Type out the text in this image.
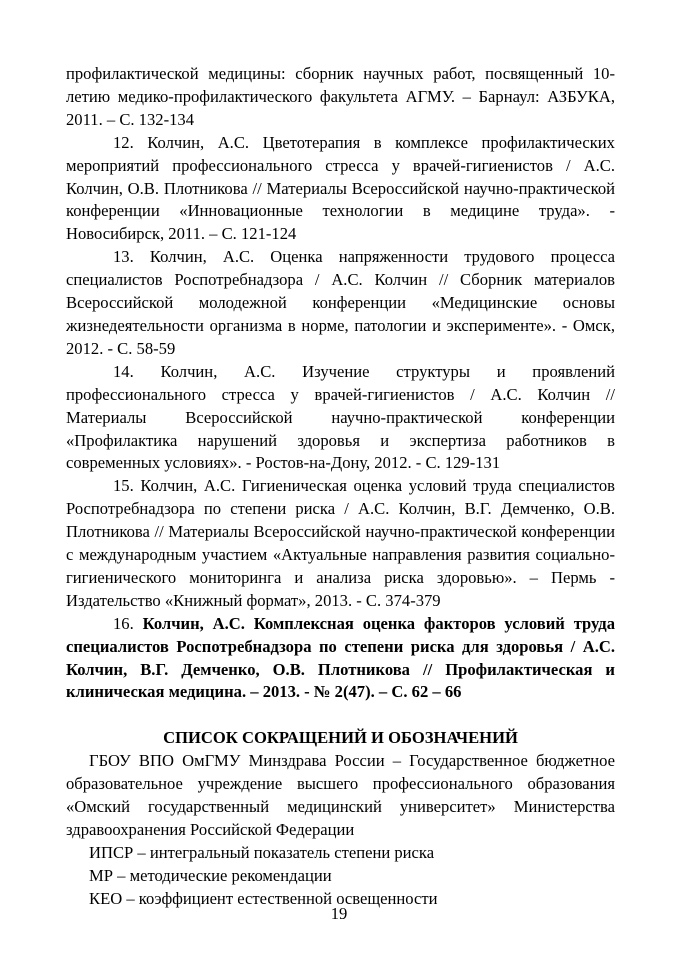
профилактической медицины: сборник научных работ, посвященный 10-летию медико-профилактического факультета АГМУ. – Барнаул: АЗБУКА, 2011. – С. 132-134

12. Колчин, А.С. Цветотерапия в комплексе профилактических мероприятий профессионального стресса у врачей-гигиенистов / А.С. Колчин, О.В. Плотникова // Материалы Всероссийской научно-практической конференции «Инновационные технологии в медицине труда». - Новосибирск, 2011. – С. 121-124

13. Колчин, А.С. Оценка напряженности трудового процесса специалистов Роспотребнадзора / А.С. Колчин // Сборник материалов Всероссийской молодежной конференции «Медицинские основы жизнедеятельности организма в норме, патологии и эксперименте». - Омск, 2012. - С. 58-59

14. Колчин, А.С. Изучение структуры и проявлений профессионального стресса у врачей-гигиенистов / А.С. Колчин // Материалы Всероссийской научно-практической конференции «Профилактика нарушений здоровья и экспертиза работников в современных условиях». - Ростов-на-Дону, 2012. - С. 129-131

15. Колчин, А.С. Гигиеническая оценка условий труда специалистов Роспотребнадзора по степени риска / А.С. Колчин, В.Г. Демченко, О.В. Плотникова // Материалы Всероссийской научно-практической конференции с международным участием «Актуальные направления развития социально-гигиенического мониторинга и анализа риска здоровью». – Пермь - Издательство «Книжный формат», 2013. - С. 374-379

16. Колчин, А.С. Комплексная оценка факторов условий труда специалистов Роспотребнадзора по степени риска для здоровья / А.С. Колчин, В.Г. Демченко, О.В. Плотникова // Профилактическая и клиническая медицина. – 2013. - № 2(47). – С. 62 – 66

СПИСОК СОКРАЩЕНИЙ И ОБОЗНАЧЕНИЙ

ГБОУ ВПО ОмГМУ Минздрава России – Государственное бюджетное образовательное учреждение высшего профессионального образования «Омский государственный медицинский университет» Министерства здравоохранения Российской Федерации

ИПСР – интегральный показатель степени риска

МР – методические рекомендации

КЕО – коэффициент естественной освещенности

19
